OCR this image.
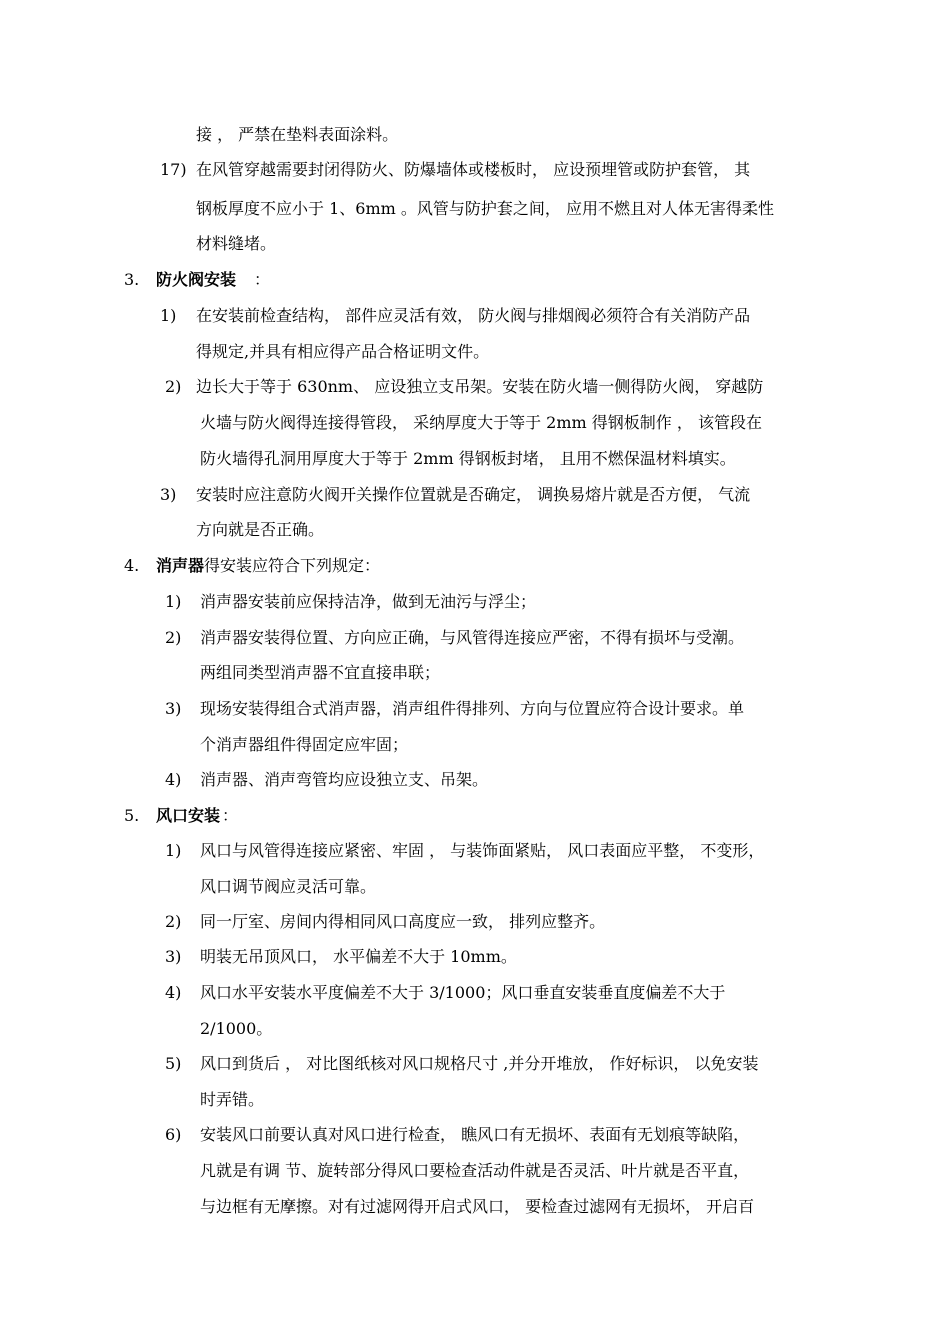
接 ， 严禁在垫料表面涂料。
17) 在风管穿越需要封闭得防火、防爆墙体或楼板时， 应设预埋管或防护套管， 其
钢板厚度不应小于 1、6mm 。风管与防护套之间， 应用不燃且对人体无害得柔性
材料缝堵。
3. 防火阀安装 ：
1) 在安装前检查结构， 部件应灵活有效， 防火阀与排烟阀必须符合有关消防产品
得规定,并具有相应得产品合格证明文件。
2) 边长大于等于 630nm、 应设独立支吊架。安装在防火墙一侧得防火阀， 穿越防
火墙与防火阀得连接得管段， 采纳厚度大于等于 2mm 得钢板制作 ， 该管段在
防火墙得孔洞用厚度大于等于 2mm 得钢板封堵， 且用不燃保温材料填实。
3) 安装时应注意防火阀开关操作位置就是否确定， 调换易熔片就是否方便， 气流
方向就是否正确。
4. 消声器得安装应符合下列规定：
1) 消声器安装前应保持洁净，做到无油污与浮尘；
2) 消声器安装得位置、方向应正确，与风管得连接应严密，不得有损坏与受潮。
两组同类型消声器不宜直接串联；
3) 现场安装得组合式消声器，消声组件得排列、方向与位置应符合设计要求。单
个消声器组件得固定应牢固；
4) 消声器、消声弯管均应设独立支、吊架。
5. 风口安装 ：
1) 风口与风管得连接应紧密、牢固 ， 与装饰面紧贴， 风口表面应平整， 不变形，
风口调节阀应灵活可靠。
2) 同一厅室、房间内得相同风口高度应一致， 排列应整齐。
3) 明装无吊顶风口， 水平偏差不大于 10mm。
4) 风口水平安装水平度偏差不大于 3/1000；风口垂直安装垂直度偏差不大于
2/1000。
5) 风口到货后 ， 对比图纸核对风口规格尺寸 ,并分开堆放， 作好标识， 以免安装
时弄错。
6) 安装风口前要认真对风口进行检查， 瞧风口有无损坏、表面有无划痕等缺陷，
凡就是有调 节、旋转部分得风口要检查活动件就是否灵活、叶片就是否平直，
与边框有无摩擦。对有过滤网得开启式风口， 要检查过滤网有无损坏， 开启百
